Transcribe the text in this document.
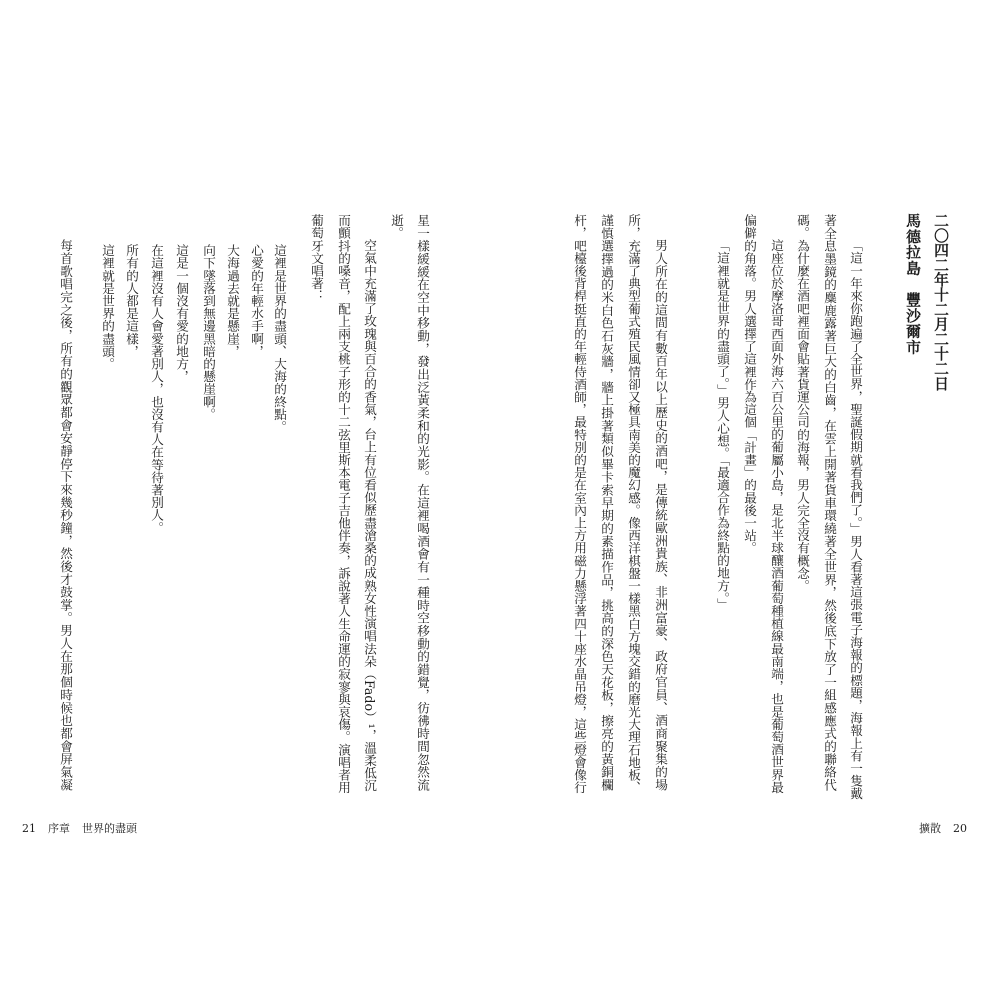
二〇四二年十二月二十二日
馬德拉島　豐沙爾市
「這一年來你跑遍了全世界，聖誕假期就看我們了。」男人看著這張電子海報的標題，海報上有一隻戴
著全息墨鏡的麋鹿露著巨大的白齒，在雲上開著貨車環繞著全世界，然後底下放了一組感應式的聯絡代
碼。為什麼在酒吧裡面會貼著貨運公司的海報，男人完全沒有概念。
這座位於摩洛哥西面外海六百公里的葡屬小島，是北半球釀酒葡萄種植線最南端，也是葡萄酒世界最
偏僻的角落。男人選擇了這裡作為這個「計畫」的最後一站。
「這裡就是世界的盡頭了。」男人心想。「最適合作為終點的地方。」
男人所在的這間有數百年以上歷史的酒吧，是傳統歐洲貴族、非洲富豪、政府官員、酒商聚集的場
所，充滿了典型葡式殖民風情卻又極具南美的魔幻感。像西洋棋盤一樣黑白方塊交錯的磨光大理石地板、
謹慎選擇過的米白色石灰牆，牆上掛著類似畢卡索早期的素描作品，挑高的深色天花板，擦亮的黃銅欄
杆，吧檯後背桿挺直的年輕侍酒師，最特別的是在室內上方用磁力懸浮著四十座水晶吊燈，這些燈會像行
擴散 20
星一樣緩緩在空中移動，發出泛黃柔和的光影。在這裡喝酒會有一種時空移動的錯覺，彷彿時間忽然流
逝。
空氣中充滿了玫瑰與百合的香氣，台上有位看似歷盡滄桑的成熟女性演唱法朵（Fado）¹，溫柔低沉
而顫抖的嗓音，配上兩支桃子形的十二弦里斯本電子吉他伴奏，訴說著人生命運的寂寥與哀傷。演唱者用
葡萄牙文唱著：
這裡是世界的盡頭、大海的終點。
心愛的年輕水手啊，
大海過去就是懸崖，
向下墜落到無邊黑暗的懸崖啊。
這是一個沒有愛的地方，
在這裡沒有人會愛著別人，也沒有人在等待著別人。
所有的人都是這樣，
這裡就是世界的盡頭。
每首歌唱完之後，所有的觀眾都會安靜停下來幾秒鐘，然後才鼓掌。男人在那個時候也都會屏氣凝
21 序章 世界的盡頭
